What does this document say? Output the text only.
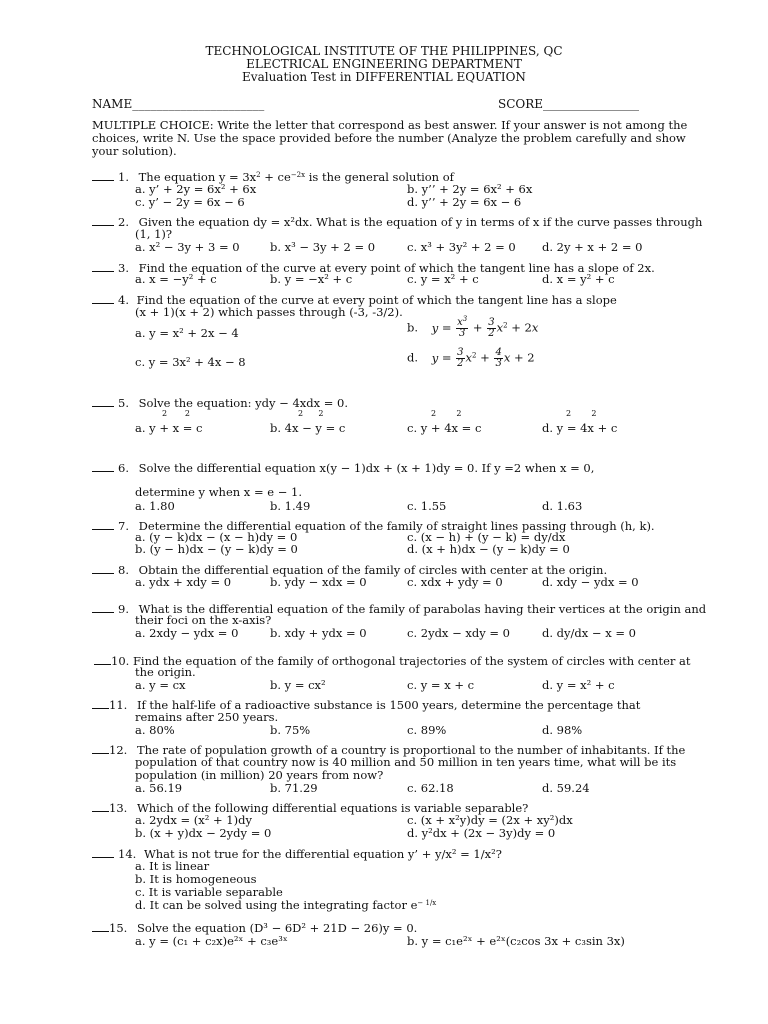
TECHNOLOGICAL INSTITUTE OF THE PHILIPPINES, QC
ELECTRICAL ENGINEERING DEPARTMENT
Evaluation Test in DIFFERENTIAL EQUATION
NAME______________________	SCORE________________
MULTIPLE CHOICE: Write the letter that correspond as best answer. If your answer is not among the
choices, write N. Use the space provided before the number (Analyze the problem carefully and show
your solution).
1. The equation $y = 3x^2 + ce^{-2x}$ is the general solution of
a. y’ + 2y = 6x² + 6x	b. y’’ + 2y = 6x² + 6x
c. y’ − 2y = 6x − 6	d. y’’ + 2y = 6x − 6
2. Given the equation dy = x²dx. What is the equation of y in terms of x if the curve passes through
(1, 1)?
a. x² − 3y + 3 = 0	b. x³ − 3y + 2 = 0	c. x³ + 3y² + 2 = 0 d. 2y + x + 2 = 0
3. Find the equation of the curve at every point of which the tangent line has a slope of 2x.
a. x = −y² + c	b. y = −x² + c	c. y = x² + c	d. x = y² + c
4. Find the equation of the curve at every point of which the tangent line has a slope
(x + 1)(x + 2) which passes through (-3, -3/2).
a. y = x² + 2x − 4	b. $y = \frac{x^3}{3} + \frac{3}{2} x^2 + 2x$
c. y = 3x² + 4x − 8	d. $y = \frac{3}{2} x^2 + \frac{4}{3}$ x + 2
5. Solve the equation: ydy − 4xdx = 0.
2       2	2      2	2        2	2        2
a. y + x = c	b. 4x − y = c	c. y + 4x = c	d. y = 4x + c
6. Solve the differential equation x(y − 1)dx + (x + 1)dy = 0. If y =2 when x = 0,
determine y when x = e − 1.
a. 1.80	b. 1.49	c. 1.55	d. 1.63
7. Determine the differential equation of the family of straight lines passing through (h, k).
a. (y − k)dx − (x − h)dy = 0	c. (x − h) + (y − k) = dy/dx
b. (y − h)dx − (y − k)dy = 0	d. (x + h)dx − (y − k)dy = 0
8. Obtain the differential equation of the family of circles with center at the origin.
a. ydx + xdy = 0	b. ydy − xdx = 0	c. xdx + ydy = 0	d. xdy − ydx = 0
9. What is the differential equation of the family of parabolas having their vertices at the origin and
their foci on the x-axis?
a. 2xdy − ydx = 0	b. xdy + ydx = 0	c. 2ydx − xdy = 0	d. dy/dx − x = 0
10. Find the equation of the family of orthogonal trajectories of the system of circles with center at
the origin.
a. y = cx	b. y = cx²	c. y = x + c	d. y = x² + c
11. If the half-life of a radioactive substance is 1500 years, determine the percentage that
remains after 250 years.
a. 80%	b. 75%	c. 89%	d. 98%
12. The rate of population growth of a country is proportional to the number of inhabitants. If the
population of that country now is 40 million and 50 million in ten years time, what will be its
population (in million) 20 years from now?
a. 56.19	b. 71.29	c. 62.18	d. 59.24
13. Which of the following differential equations is variable separable?
a. 2ydx = (x² + 1)dy	c. (x + x²y)dy = (2x + xy²)dx
b. (x + y)dx − 2ydy = 0	d. y²dx + (2x − 3y)dy = 0
14. What is not true for the differential equation y’ + y/x² = 1/x²?
a. It is linear
b. It is homogeneous
c. It is variable separable
d. It can be solved using the integrating factor $e^{- 1/x}$
15. Solve the equation (D³ − 6D² + 21D − 26)y = 0.
a. y = (c₁ + c₂x)e²ˣ + c₃e³ˣ	b. y = c₁e²ˣ + e²ˣ(c₂cos 3x + c₃sin 3x)
